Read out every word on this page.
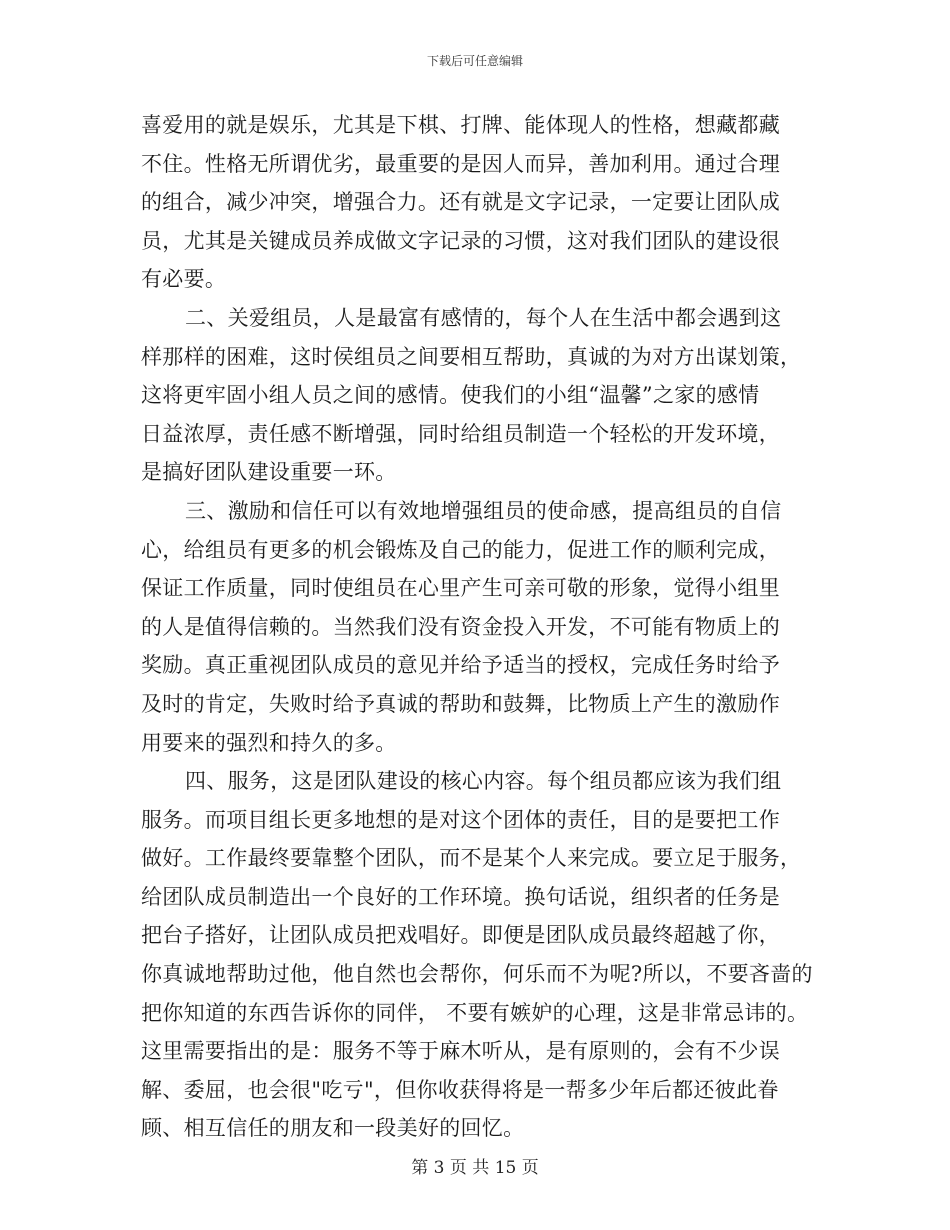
下载后可任意编辑
喜爱用的就是娱乐，尤其是下棋、打牌、能体现人的性格，想藏都藏
不住。性格无所谓优劣，最重要的是因人而异，善加利用。通过合理
的组合，减少冲突，增强合力。还有就是文字记录，一定要让团队成
员，尤其是关键成员养成做文字记录的习惯，这对我们团队的建设很
有必要。
二、关爱组员，人是最富有感情的，每个人在生活中都会遇到这
样那样的困难，这时侯组员之间要相互帮助，真诚的为对方出谋划策，
这将更牢固小组人员之间的感情。使我们的小组“温馨”之家的感情
日益浓厚，责任感不断增强，同时给组员制造一个轻松的开发环境，
是搞好团队建设重要一环。
三、激励和信任可以有效地增强组员的使命感，提高组员的自信
心，给组员有更多的机会锻炼及自己的能力，促进工作的顺利完成，
保证工作质量，同时使组员在心里产生可亲可敬的形象，觉得小组里
的人是值得信赖的。当然我们没有资金投入开发，不可能有物质上的
奖励。真正重视团队成员的意见并给予适当的授权，完成任务时给予
及时的肯定，失败时给予真诚的帮助和鼓舞，比物质上产生的激励作
用要来的强烈和持久的多。
四、服务，这是团队建设的核心内容。每个组员都应该为我们组
服务。而项目组长更多地想的是对这个团体的责任，目的是要把工作
做好。工作最终要靠整个团队，而不是某个人来完成。要立足于服务，
给团队成员制造出一个良好的工作环境。换句话说，组织者的任务是
把台子搭好，让团队成员把戏唱好。即便是团队成员最终超越了你，
你真诚地帮助过他，他自然也会帮你，何乐而不为呢?所以，不要吝啬的
把你知道的东西告诉你的同伴， 不要有嫉妒的心理，这是非常忌讳的。
这里需要指出的是：服务不等于麻木听从，是有原则的，会有不少误
解、委屈，也会很"吃亏"，但你收获得将是一帮多少年后都还彼此眷
顾、相互信任的朋友和一段美好的回忆。
第 3 页 共 15 页
